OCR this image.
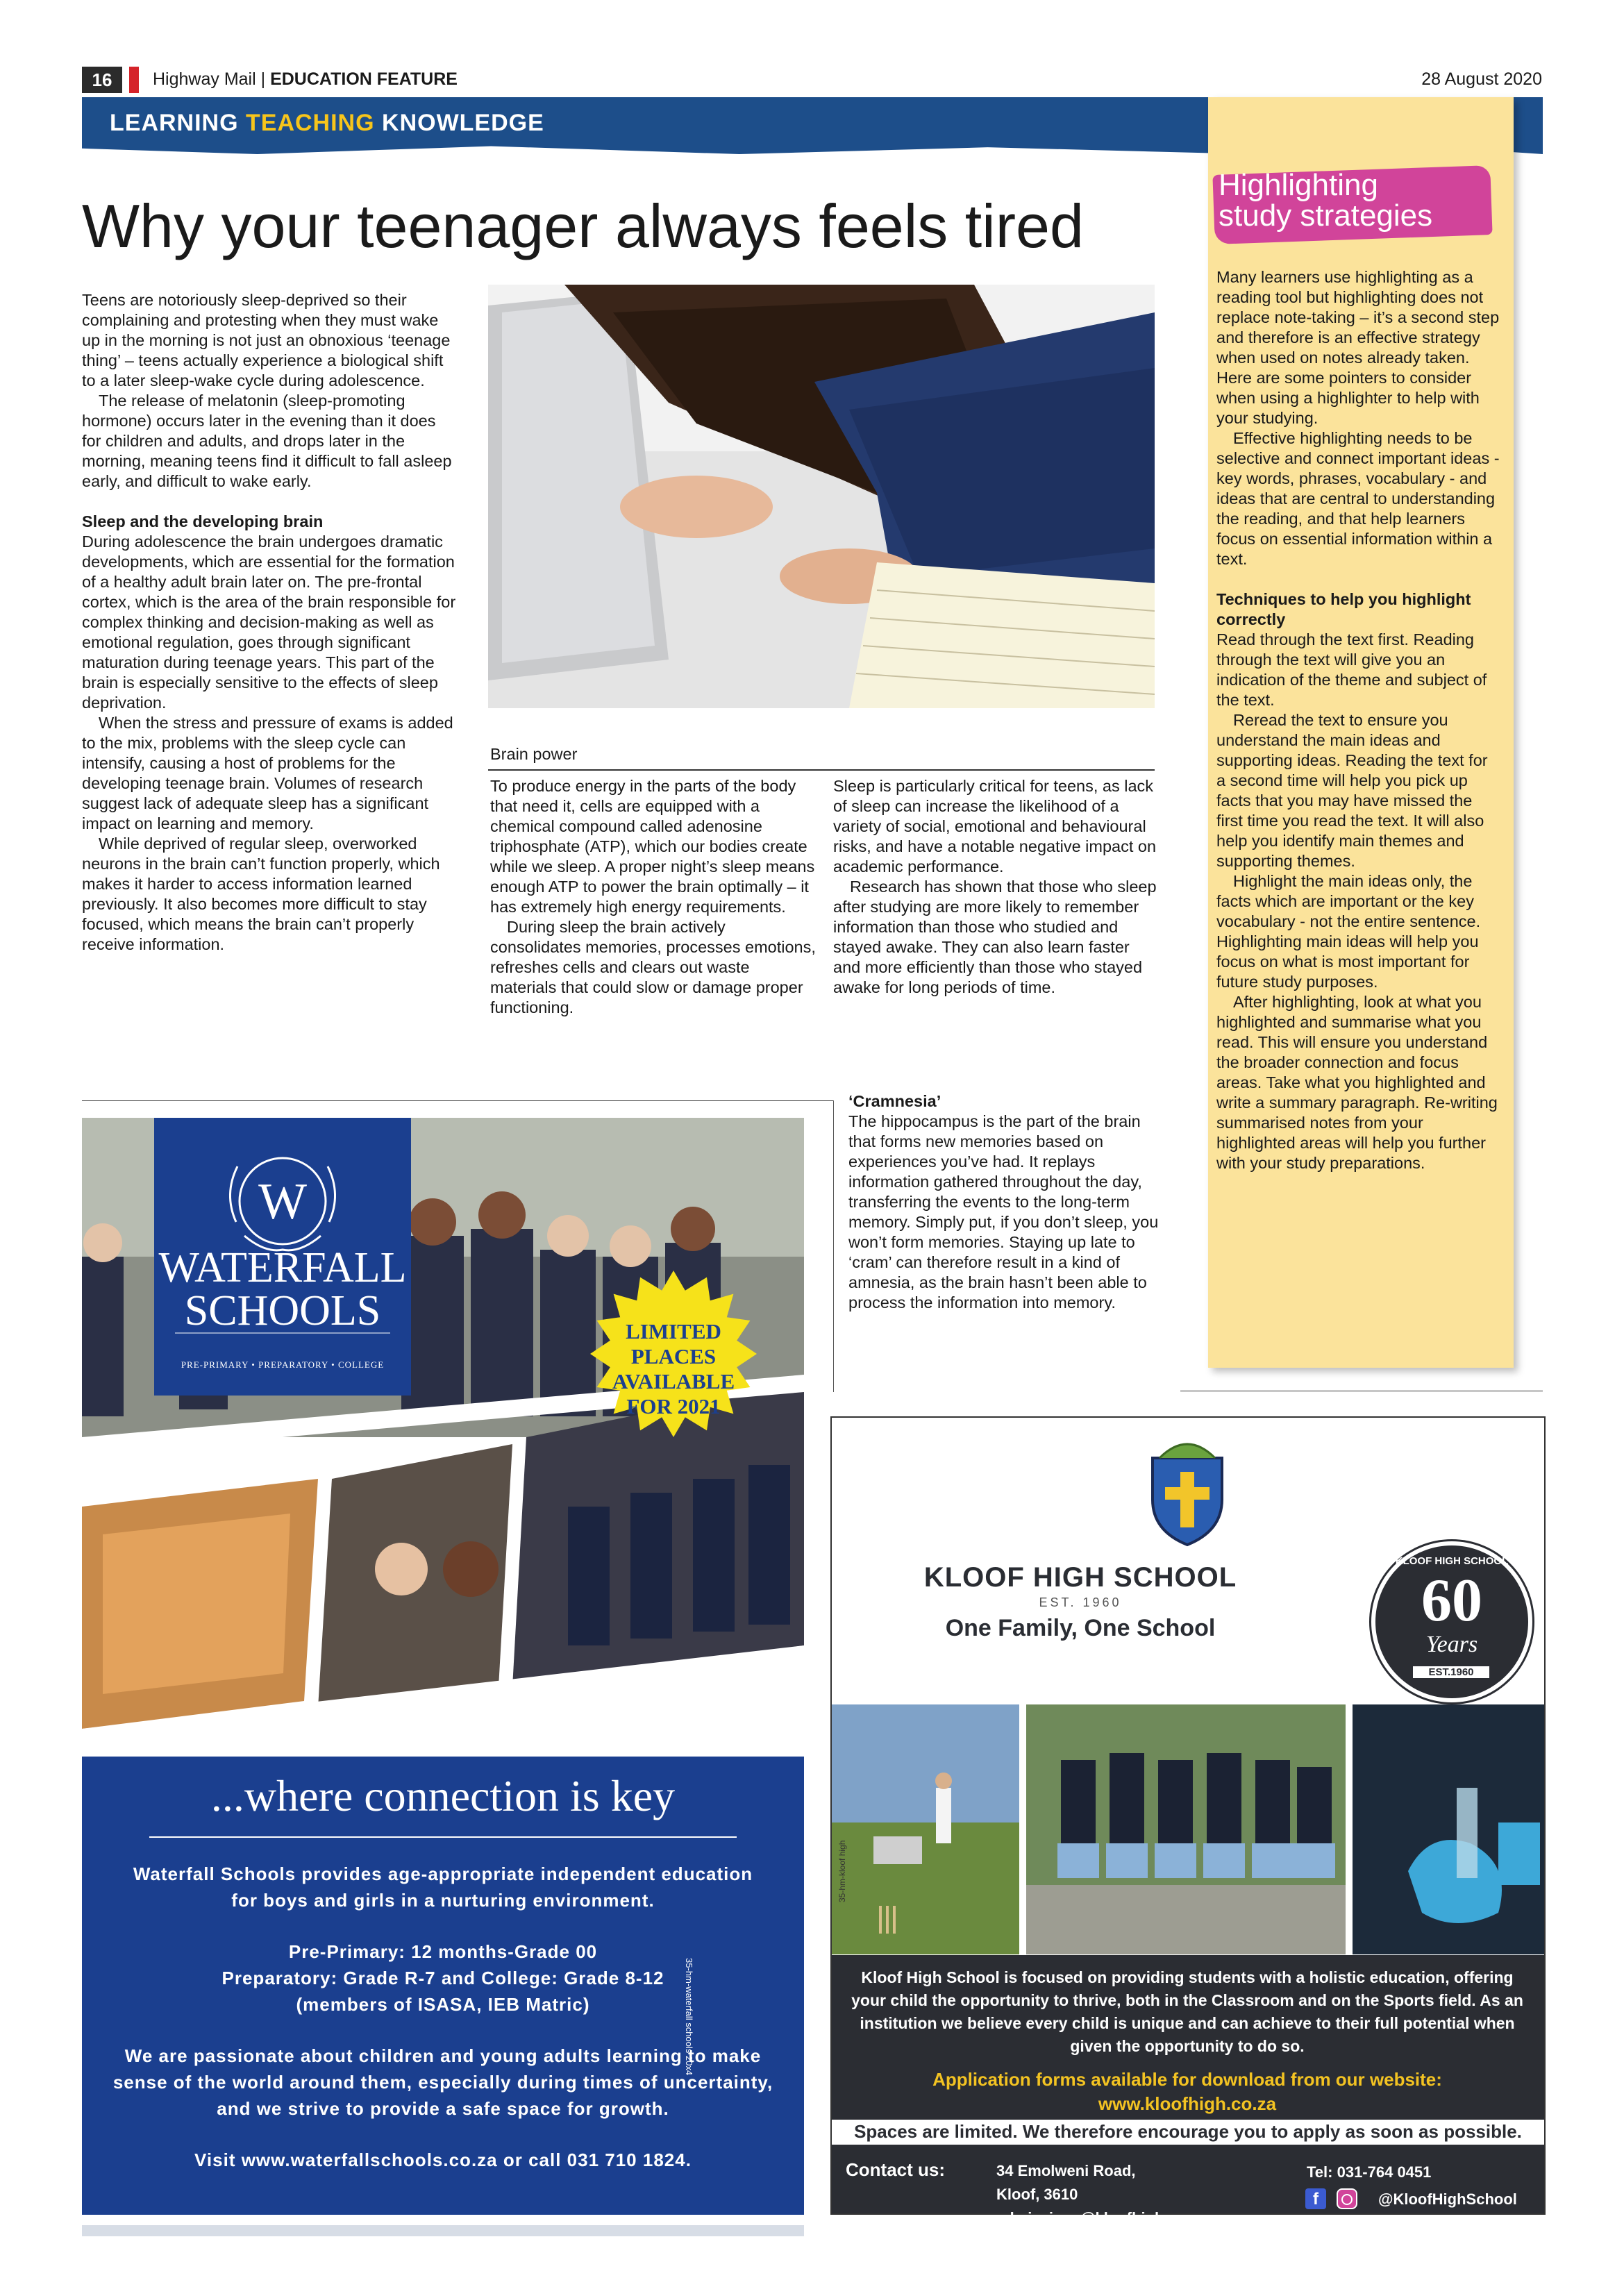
16	Highway Mail | EDUCATION FEATURE	28 August 2020
LEARNING TEACHING KNOWLEDGE
Why your teenager always feels tired

Teens are notoriously sleep-deprived so their complaining and protesting when they must wake up in the morning is not just an obnoxious ‘teenage thing’ – teens actually experience a biological shift to a later sleep-wake cycle during adolescence.

The release of melatonin (sleep-promoting hormone) occurs later in the evening than it does for children and adults, and drops later in the morning, meaning teens find it difficult to fall asleep early, and difficult to wake early.

Sleep and the developing brain

During adolescence the brain undergoes dramatic developments, which are essential for the formation of a healthy adult brain later on. The pre-frontal cortex, which is the area of the brain responsible for complex thinking and decision-making as well as emotional regulation, goes through significant maturation during teenage years. This part of the brain is especially sensitive to the effects of sleep deprivation.

When the stress and pressure of exams is added to the mix, problems with the sleep cycle can intensify, causing a host of problems for the developing teenage brain. Volumes of research suggest lack of adequate sleep has a significant impact on learning and memory.

While deprived of regular sleep, overworked neurons in the brain can’t function properly, which makes it harder to access information learned previously. It also becomes more difficult to stay focused, which means the brain can’t properly receive information.

Brain power

To produce energy in the parts of the body that need it, cells are equipped with a chemical compound called adenosine triphosphate (ATP), which our bodies create while we sleep. A proper night’s sleep means enough ATP to power the brain optimally – it has extremely high energy requirements.

During sleep the brain actively consolidates memories, processes emotions, refreshes cells and clears out waste materials that could slow or damage proper functioning.

Sleep is particularly critical for teens, as lack of sleep can increase the likelihood of a variety of social, emotional and behavioural risks, and have a notable negative impact on academic performance.

Research has shown that those who sleep after studying are more likely to remember information than those who studied and stayed awake. They can also learn faster and more efficiently than those who stayed awake for long periods of time.

‘Cramnesia’

The hippocampus is the part of the brain that forms new memories based on experiences you’ve had. It replays information gathered throughout the day, transferring the events to the long-term memory. Simply put, if you don’t sleep, you won’t form memories. Staying up late to ‘cram’ can therefore result in a kind of amnesia, as the brain hasn’t been able to process the information into memory.

Highlighting
study strategies

Many learners use highlighting as a reading tool but highlighting does not replace note-taking – it’s a second step and therefore is an effective strategy when used on notes already taken. Here are some pointers to consider when using a highlighter to help with your studying.

Effective highlighting needs to be selective and connect important ideas - key words, phrases, vocabulary - and ideas that are central to understanding the reading, and that help learners focus on essential information within a text.

Techniques to help you highlight correctly

Read through the text first. Reading through the text will give you an indication of the theme and subject of the text.

Reread the text to ensure you understand the main ideas and supporting ideas. Reading the text for a second time will help you pick up facts that you may have missed the first time you read the text. It will also help you identify main themes and supporting themes.

Highlight the main ideas only, the facts which are important or the key vocabulary - not the entire sentence. Highlighting main ideas will help you focus on what is most important for future study purposes.

After highlighting, look at what you highlighted and summarise what you read. This will ensure you understand the broader connection and focus areas. Take what you highlighted and write a summary paragraph. Re-writing summarised notes from your highlighted areas will help you further with your study preparations.

W
WATERFALL
SCHOOLS
PRE-PRIMARY • PREPARATORY • COLLEGE
LIMITED
PLACES
AVAILABLE
FOR 2021
...where connection is key
Waterfall Schools provides age-appropriate independent education for boys and girls in a nurturing environment.
Pre-Primary: 12 months-Grade 00
Preparatory: Grade R-7 and College: Grade 8-12
(members of ISASA, IEB Matric)
We are passionate about children and young adults learning to make sense of the world around them, especially during times of uncertainty, and we strive to provide a safe space for growth.
Visit www.waterfallschools.co.za or call 031 710 1824.
35-hm-waterfall schools 20x4
KLOOF HIGH SCHOOL
EST. 1960
One Family, One School
KLOOF HIGH SCHOOL
60
Years
EST.1960
35-hm-kloof high
Kloof High School is focused on providing students with a holistic education, offering your child the opportunity to thrive, both in the Classroom and on the Sports field. As an institution we believe every child is unique and can achieve to their full potential when given the opportunity to do so.
Application forms available for download from our website:
www.kloofhigh.co.za
Spaces are limited. We therefore encourage you to apply as soon as possible.
Contact us:	34 Emolweni Road,
Kloof, 3610
admissions@kloofhigh.co.za
Tel: 031-764 0451
f	@KloofHighSchool
